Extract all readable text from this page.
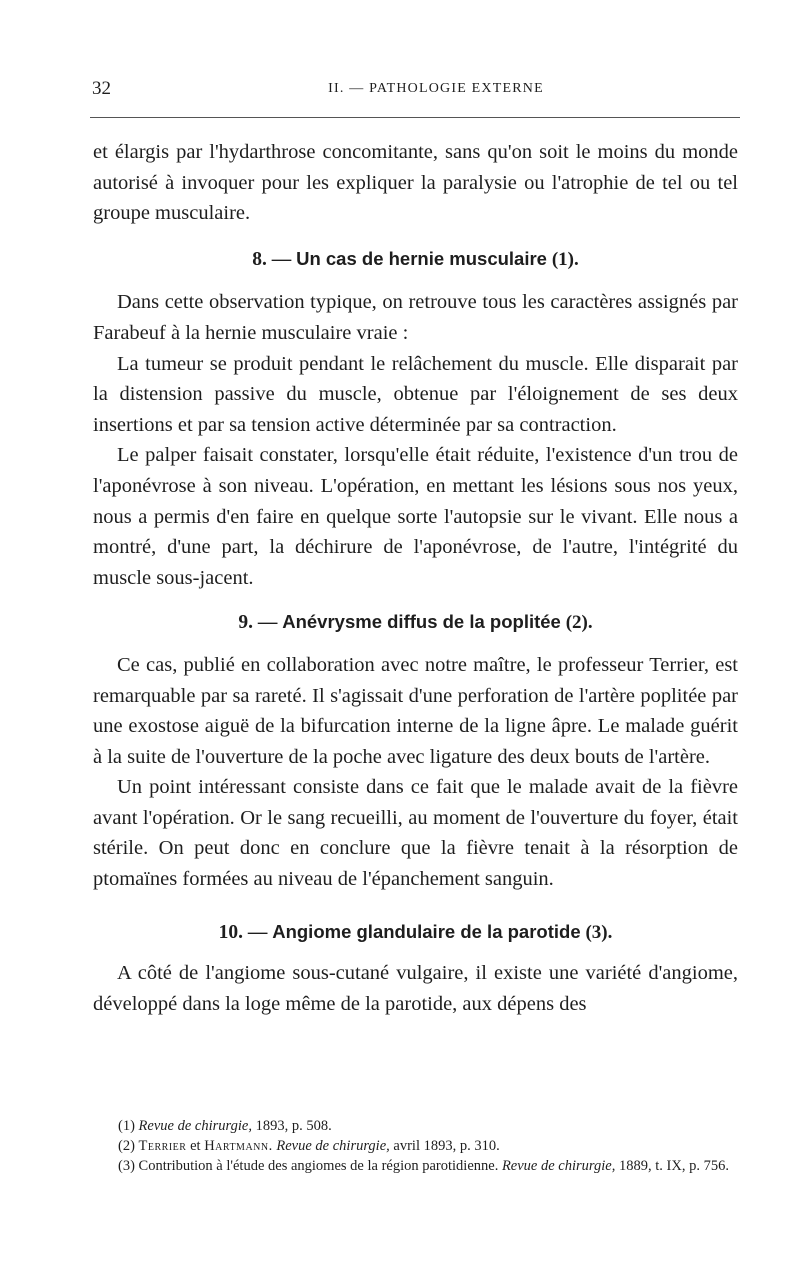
32	II. — PATHOLOGIE EXTERNE

et élargis par l'hydarthrose concomitante, sans qu'on soit le moins du monde autorisé à invoquer pour les expliquer la paralysie ou l'atrophie de tel ou tel groupe musculaire.

8. — Un cas de hernie musculaire (1).

Dans cette observation typique, on retrouve tous les caractères assignés par Farabeuf à la hernie musculaire vraie :

La tumeur se produit pendant le relâchement du muscle. Elle disparait par la distension passive du muscle, obtenue par l'éloignement de ses deux insertions et par sa tension active déterminée par sa contraction.

Le palper faisait constater, lorsqu'elle était réduite, l'existence d'un trou de l'aponévrose à son niveau. L'opération, en mettant les lésions sous nos yeux, nous a permis d'en faire en quelque sorte l'autopsie sur le vivant. Elle nous a montré, d'une part, la déchirure de l'aponévrose, de l'autre, l'intégrité du muscle sous-jacent.

9. — Anévrysme diffus de la poplitée (2).

Ce cas, publié en collaboration avec notre maître, le professeur Terrier, est remarquable par sa rareté. Il s'agissait d'une perforation de l'artère poplitée par une exostose aiguë de la bifurcation interne de la ligne âpre. Le malade guérit à la suite de l'ouverture de la poche avec ligature des deux bouts de l'artère.

Un point intéressant consiste dans ce fait que le malade avait de la fièvre avant l'opération. Or le sang recueilli, au moment de l'ouverture du foyer, était stérile. On peut donc en conclure que la fièvre tenait à la résorption de ptomaïnes formées au niveau de l'épanchement sanguin.

10. — Angiome glandulaire de la parotide (3).

A côté de l'angiome sous-cutané vulgaire, il existe une variété d'angiome, développé dans la loge même de la parotide, aux dépens des

(1) Revue de chirurgie, 1893, p. 508.

(2) Terrier et Hartmann. Revue de chirurgie, avril 1893, p. 310.

(3) Contribution à l'étude des angiomes de la région parotidienne. Revue de chirurgie, 1889, t. IX, p. 756.
